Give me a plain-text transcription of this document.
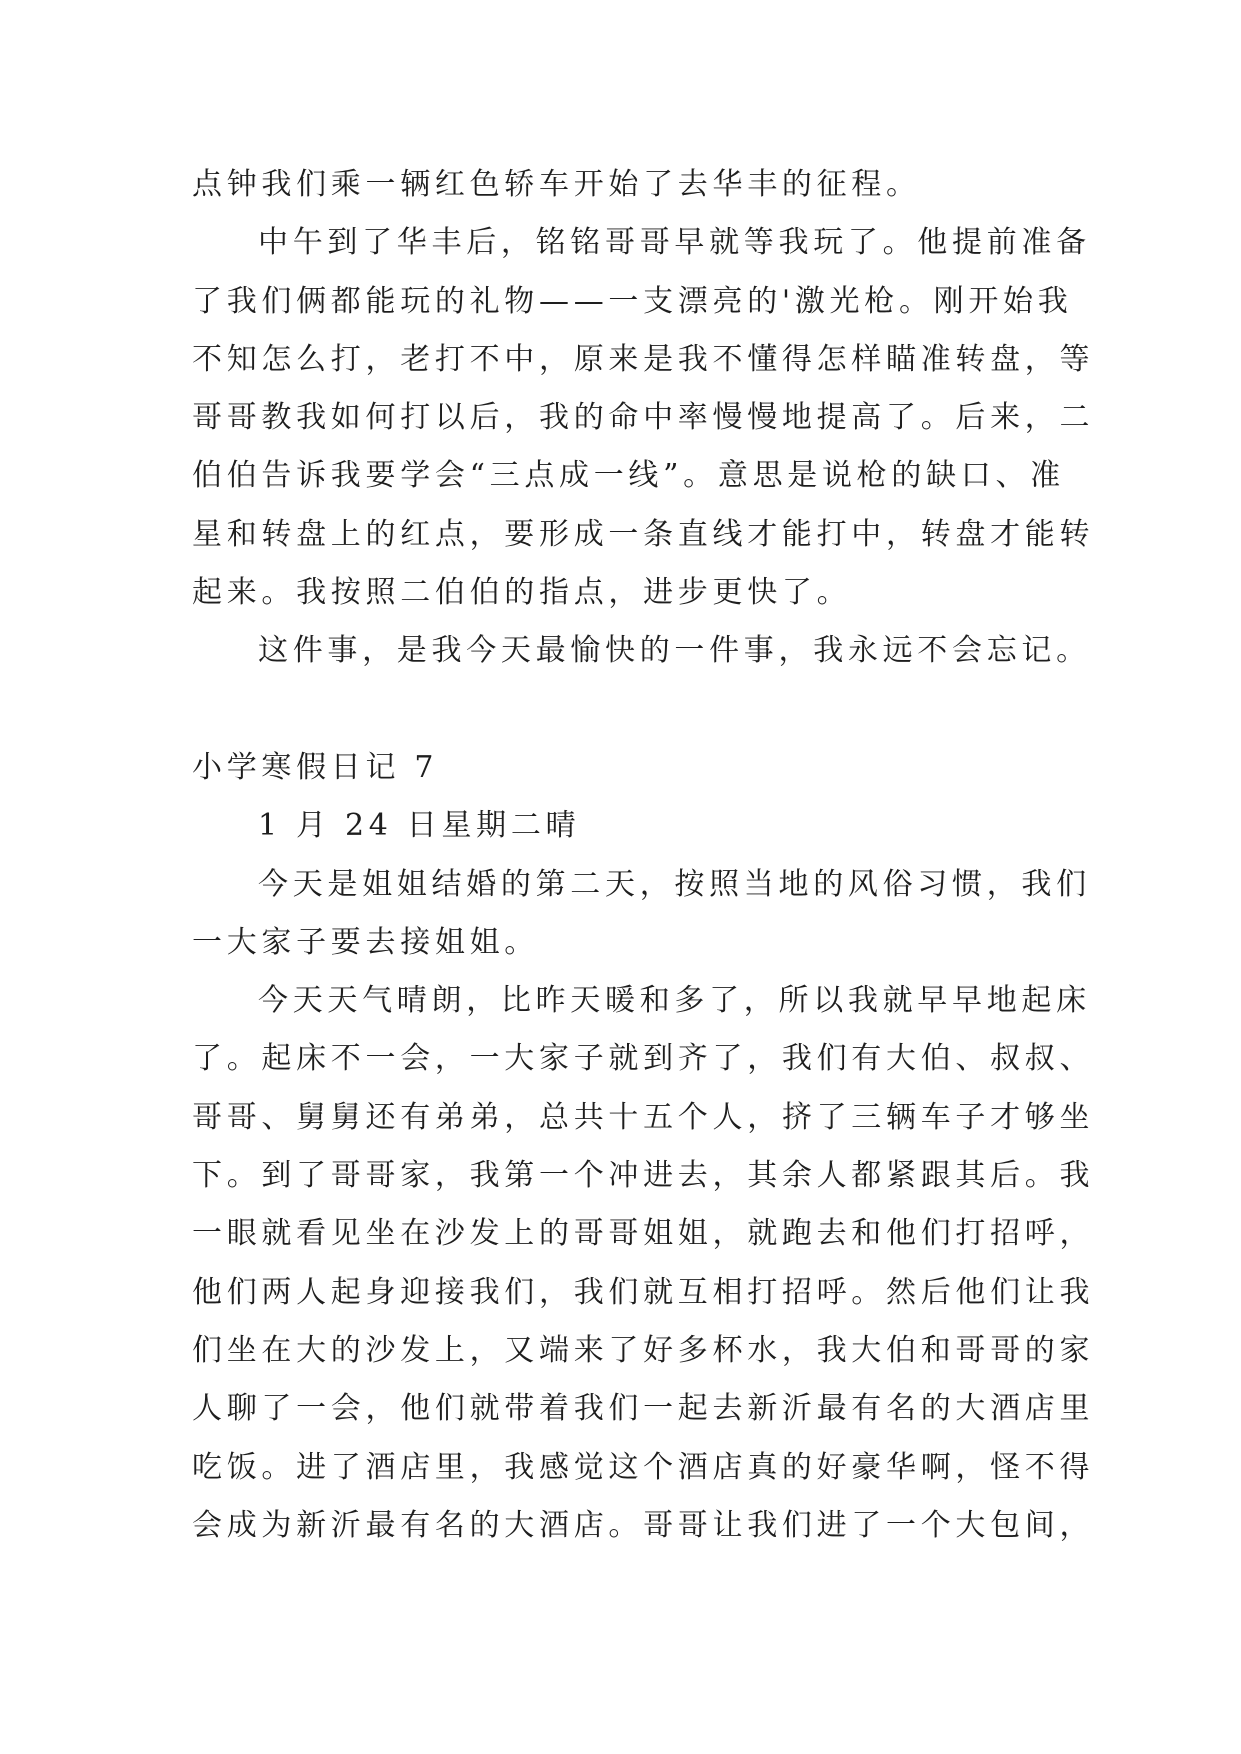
点钟我们乘一辆红色轿车开始了去华丰的征程。
中午到了华丰后，铭铭哥哥早就等我玩了。他提前准备
了我们俩都能玩的礼物——一支漂亮的'激光枪。刚开始我
不知怎么打，老打不中，原来是我不懂得怎样瞄准转盘，等
哥哥教我如何打以后，我的命中率慢慢地提高了。后来，二
伯伯告诉我要学会“三点成一线”。意思是说枪的缺口、准
星和转盘上的红点，要形成一条直线才能打中，转盘才能转
起来。我按照二伯伯的指点，进步更快了。
这件事，是我今天最愉快的一件事，我永远不会忘记。
小学寒假日记 7
1 月 24 日星期二晴
今天是姐姐结婚的第二天，按照当地的风俗习惯，我们
一大家子要去接姐姐。
今天天气晴朗，比昨天暖和多了，所以我就早早地起床
了。起床不一会，一大家子就到齐了，我们有大伯、叔叔、
哥哥、舅舅还有弟弟，总共十五个人，挤了三辆车子才够坐
下。到了哥哥家，我第一个冲进去，其余人都紧跟其后。我
一眼就看见坐在沙发上的哥哥姐姐，就跑去和他们打招呼，
他们两人起身迎接我们，我们就互相打招呼。然后他们让我
们坐在大的沙发上，又端来了好多杯水，我大伯和哥哥的家
人聊了一会，他们就带着我们一起去新沂最有名的大酒店里
吃饭。进了酒店里，我感觉这个酒店真的好豪华啊，怪不得
会成为新沂最有名的大酒店。哥哥让我们进了一个大包间，
